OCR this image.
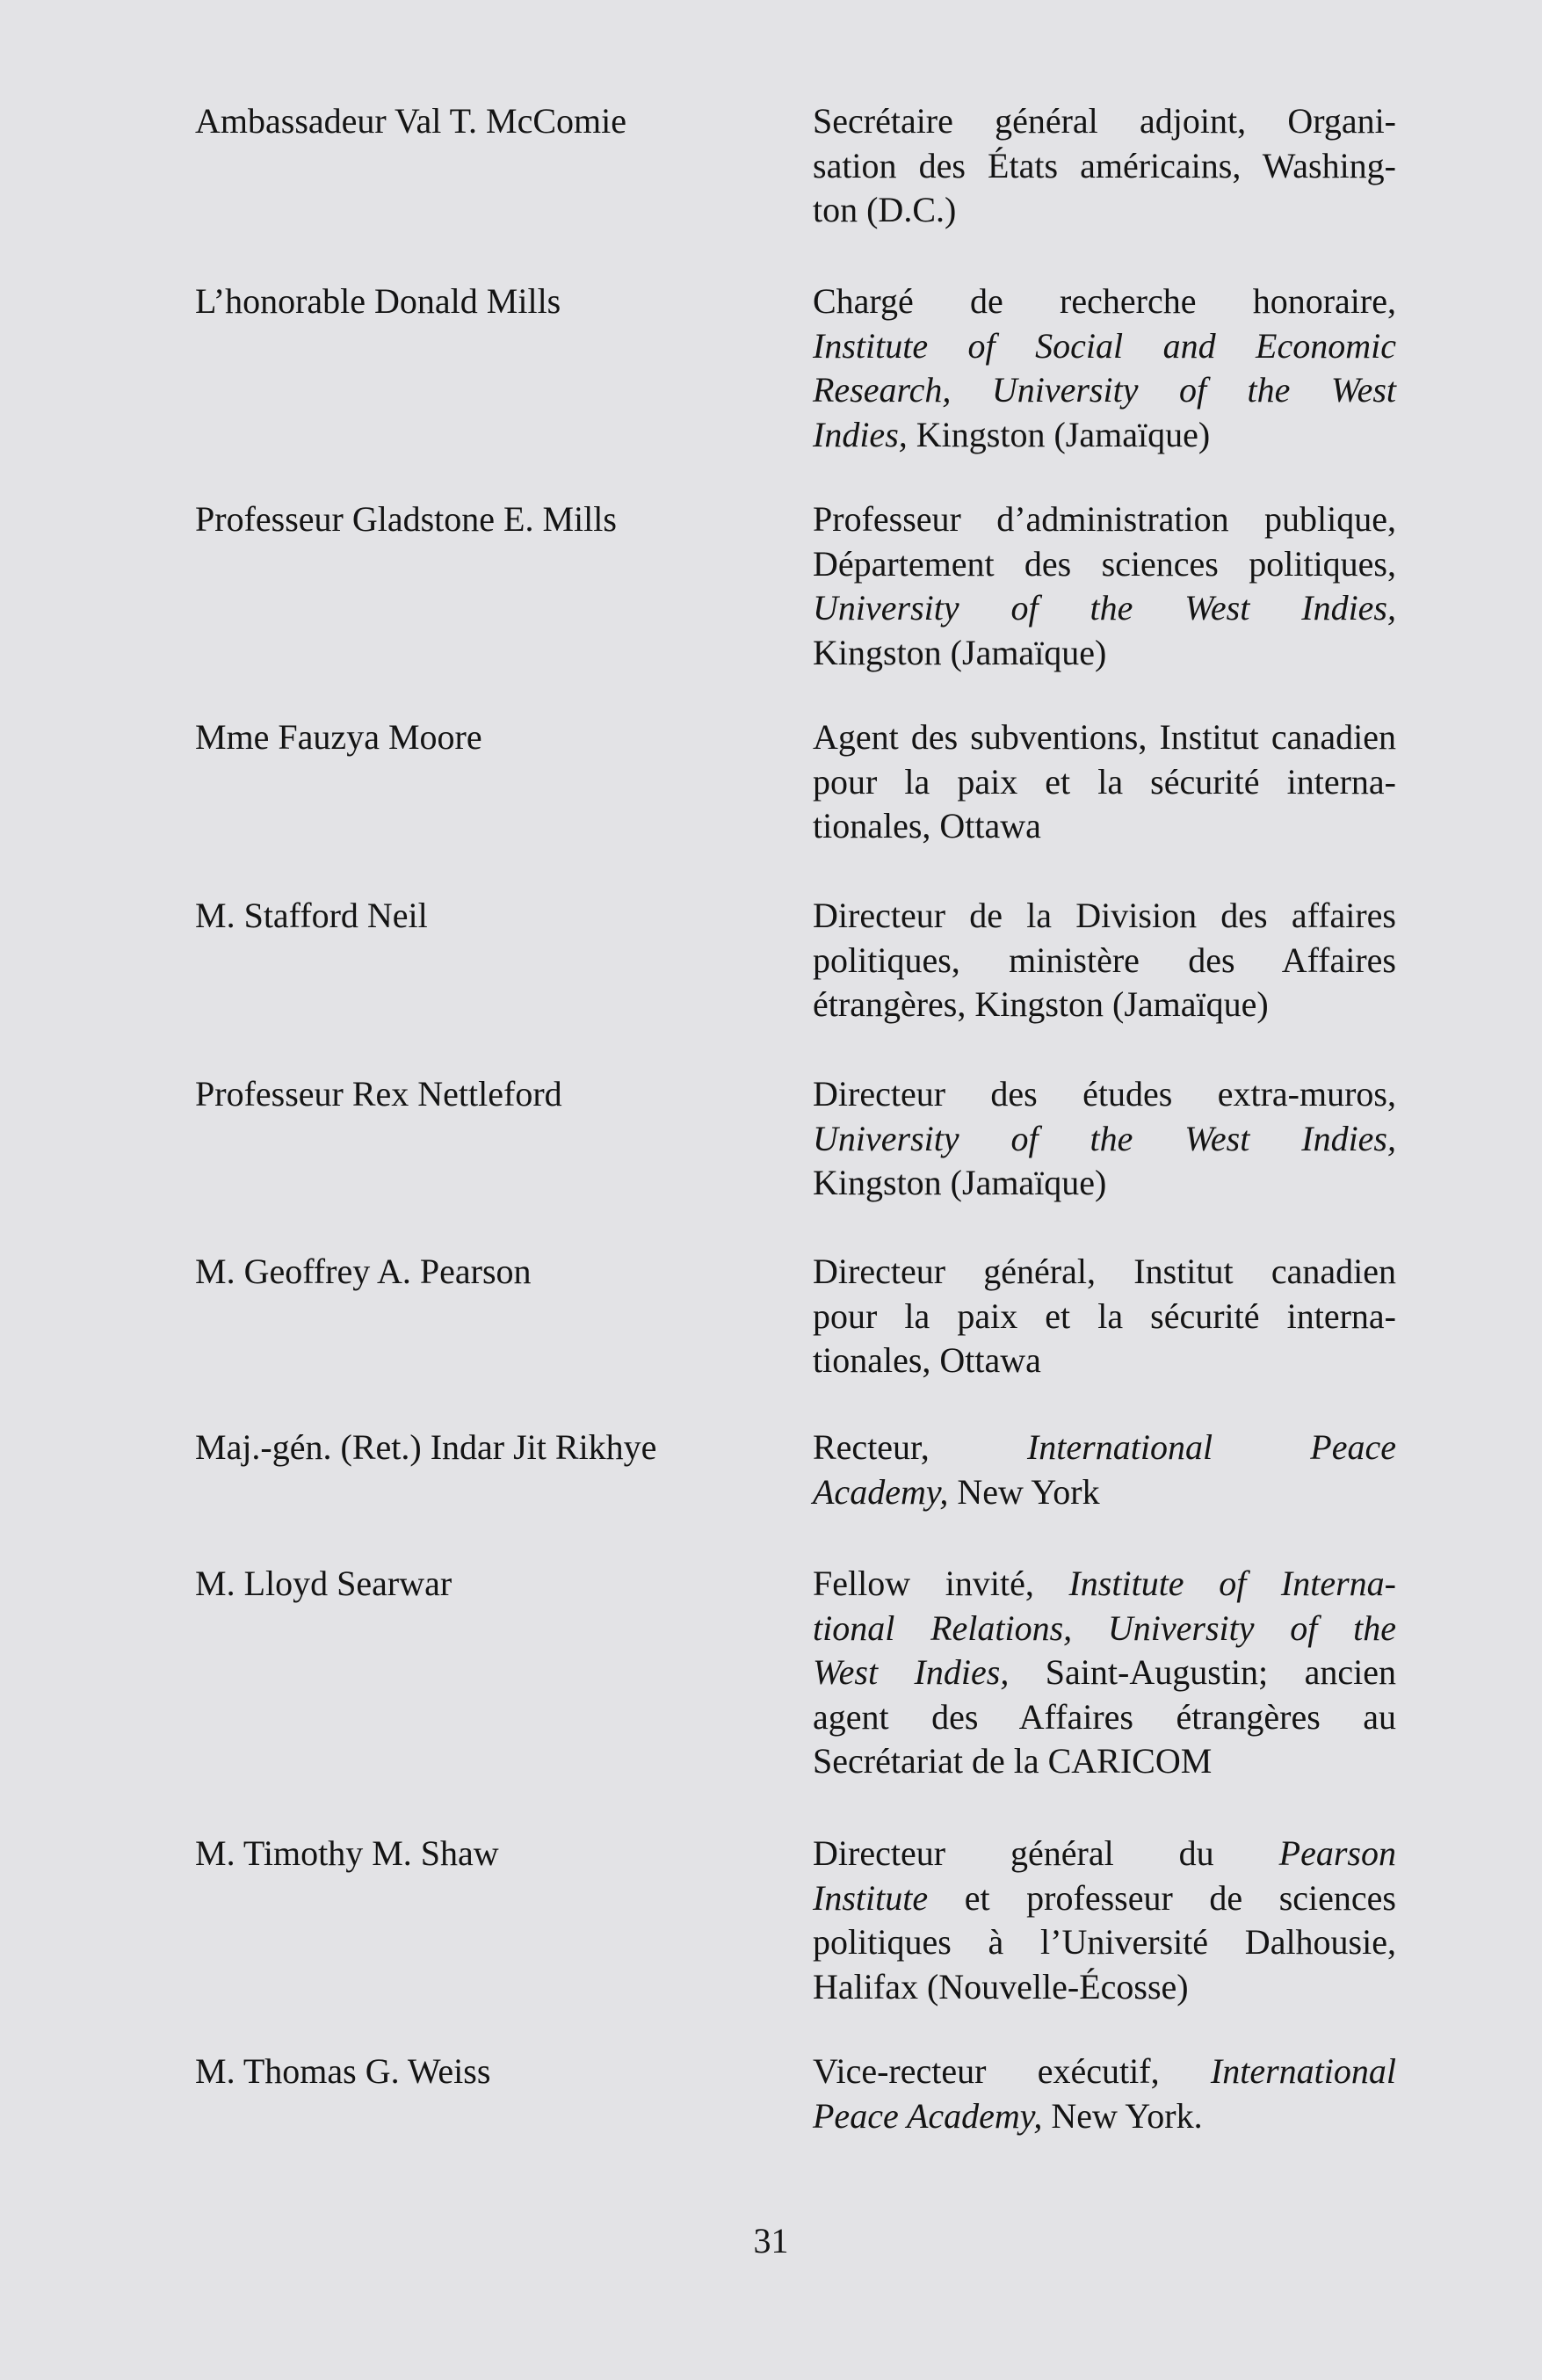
Ambassadeur Val T. McComie	Secrétaire général adjoint, Organi-
sation des États américains, Washing-
ton (D.C.)
L’honorable Donald Mills	Chargé de recherche honoraire,
Institute of Social and Economic
Research, University of the West
Indies, Kingston (Jamaïque)
Professeur Gladstone E. Mills	Professeur d’administration publique,
Département des sciences politiques,
University of the West Indies,
Kingston (Jamaïque)
Mme Fauzya Moore	Agent des subventions, Institut canadien
pour la paix et la sécurité interna-
tionales, Ottawa
M. Stafford Neil	Directeur de la Division des affaires
politiques, ministère des Affaires
étrangères, Kingston (Jamaïque)
Professeur Rex Nettleford	Directeur des études extra-muros,
University of the West Indies,
Kingston (Jamaïque)
M. Geoffrey A. Pearson	Directeur général, Institut canadien
pour la paix et la sécurité interna-
tionales, Ottawa
Maj.-gén. (Ret.) Indar Jit Rikhye	Recteur, International Peace
Academy, New York
M. Lloyd Searwar	Fellow invité, Institute of Interna-
tional Relations, University of the
West Indies, Saint-Augustin; ancien
agent des Affaires étrangères au
Secrétariat de la CARICOM
M. Timothy M. Shaw	Directeur général du Pearson
Institute et professeur de sciences
politiques à l’Université Dalhousie,
Halifax (Nouvelle-Écosse)
M. Thomas G. Weiss	Vice-recteur exécutif, International
Peace Academy, New York.
31
